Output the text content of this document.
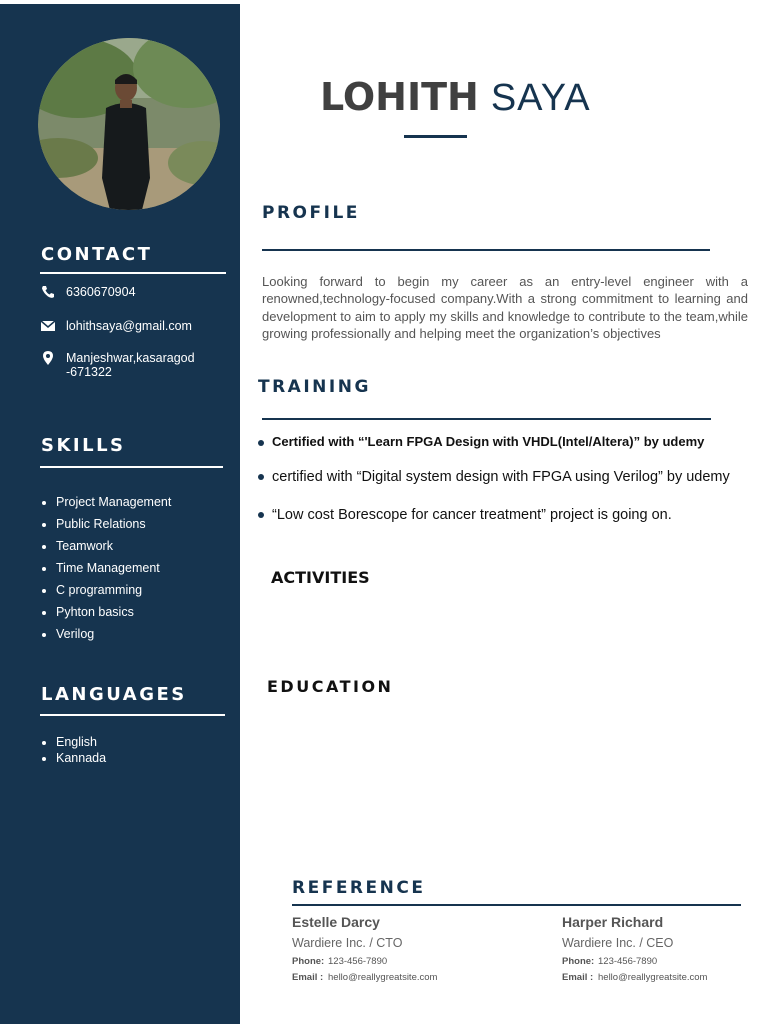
CONTACT
6360670904
lohithsaya@gmail.com
Manjeshwar,kasaragod -671322
SKILLS
• Project Management
• Public Relations
• Teamwork
• Time Management
• C programming
• Pyhton basics
• Verilog
LANGUAGES
• English
• Kannada
LOHITH SAYA
PROFILE
Looking forward to begin my career as an entry-level engineer with a renowned,technology-focused company.With a strong commitment to learning and development to aim to apply my skills and knowledge to contribute to the team,while growing professionally and helping meet the organization’s objectives
TRAINING
Certified with “'Learn FPGA Design with VHDL(Intel/Altera)” by udemy
certified with “Digital system design with FPGA using Verilog” by udemy
“Low cost Borescope for cancer treatment” project is going on.
ACTIVITIES
EDUCATION
REFERENCE
Estelle Darcy
Wardiere Inc. / CTO
Phone: 123-456-7890
Email : hello@reallygreatsite.com
Harper Richard
Wardiere Inc. / CEO
Phone: 123-456-7890
Email : hello@reallygreatsite.com
